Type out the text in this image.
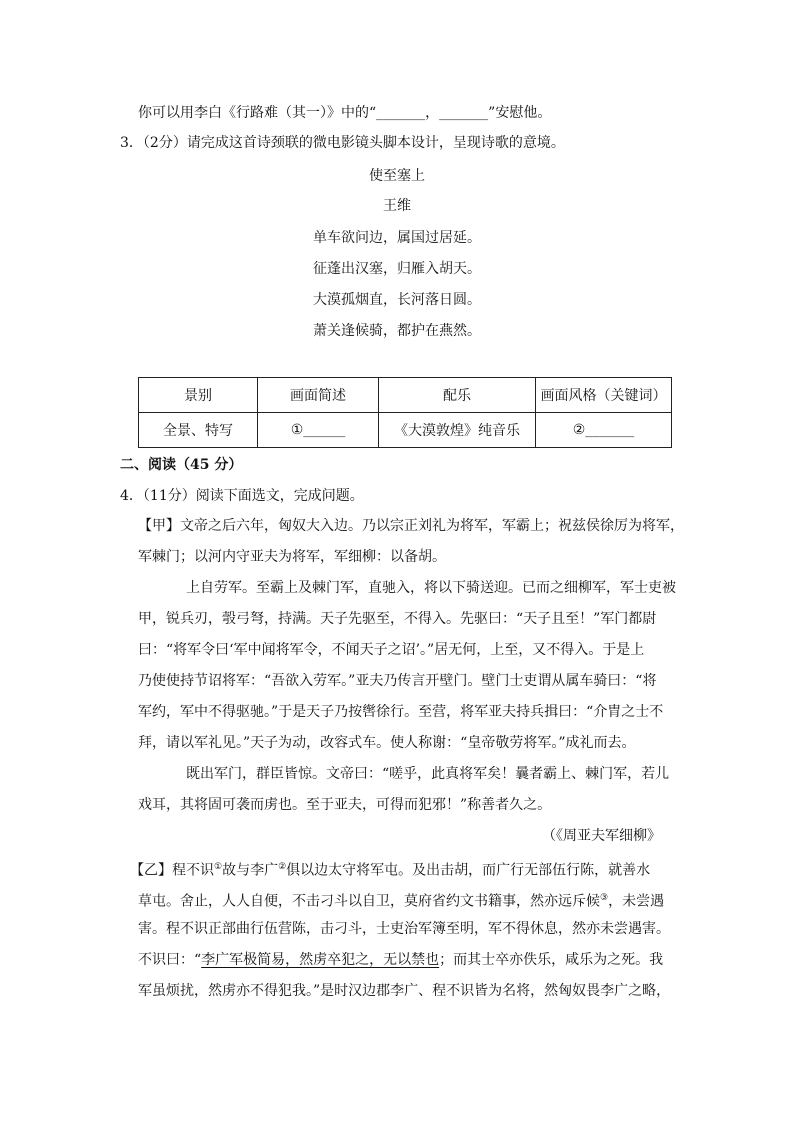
你可以用李白《行路难（其一）》中的“_______，_______”安慰他。
3．（2分）请完成这首诗颈联的微电影镜头脚本设计，呈现诗歌的意境。
使至塞上
王维
单车欲问边，属国过居延。
征蓬出汉塞，归雁入胡天。
大漠孤烟直，长河落日圆。
萧关逢候骑，都护在燕然。
景别	画面简述	配乐	画面风格（关键词）
全景、特写	①______	《大漠敦煌》纯音乐	②_______
二、阅读（45 分）
4．（11分）阅读下面选文，完成问题。
【甲】文帝之后六年，匈奴大入边。乃以宗正刘礼为将军，军霸上；祝兹侯徐厉为将军，
军棘门；以河内守亚夫为将军，军细柳：以备胡。
上自劳军。至霸上及棘门军，直驰入，将以下骑送迎。已而之细柳军，军士吏被
甲，锐兵刃，彀弓弩，持满。天子先驱至，不得入。先驱曰：“天子且至！”军门都尉
曰：“将军令曰‘军中闻将军令，不闻天子之诏’。”居无何，上至，又不得入。于是上
乃使使持节诏将军：“吾欲入劳军。”亚夫乃传言开壁门。壁门士吏谓从属车骑曰：“将
军约，军中不得驱驰。”于是天子乃按辔徐行。至营，将军亚夫持兵揖曰：“介胄之士不
拜，请以军礼见。”天子为动，改容式车。使人称谢：“皇帝敬劳将军。”成礼而去。
既出军门，群臣皆惊。文帝曰：“嗟乎，此真将军矣！曩者霸上、棘门军，若儿
戏耳，其将固可袭而虏也。至于亚夫，可得而犯邪！”称善者久之。
（《周亚夫军细柳》
【乙】程不识①故与李广②俱以边太守将军屯。及出击胡，而广行无部伍行陈，就善水
草屯。舍止，人人自便，不击刁斗以自卫，莫府省约文书籍事，然亦远斥候③，未尝遇
害。程不识正部曲行伍营陈，击刁斗，士吏治军簿至明，军不得休息，然亦未尝遇害。
不识曰：“李广军极简易，然虏卒犯之，无以禁也；而其士卒亦佚乐，咸乐为之死。我
军虽烦扰，然虏亦不得犯我。”是时汉边郡李广、程不识皆为名将，然匈奴畏李广之略，
